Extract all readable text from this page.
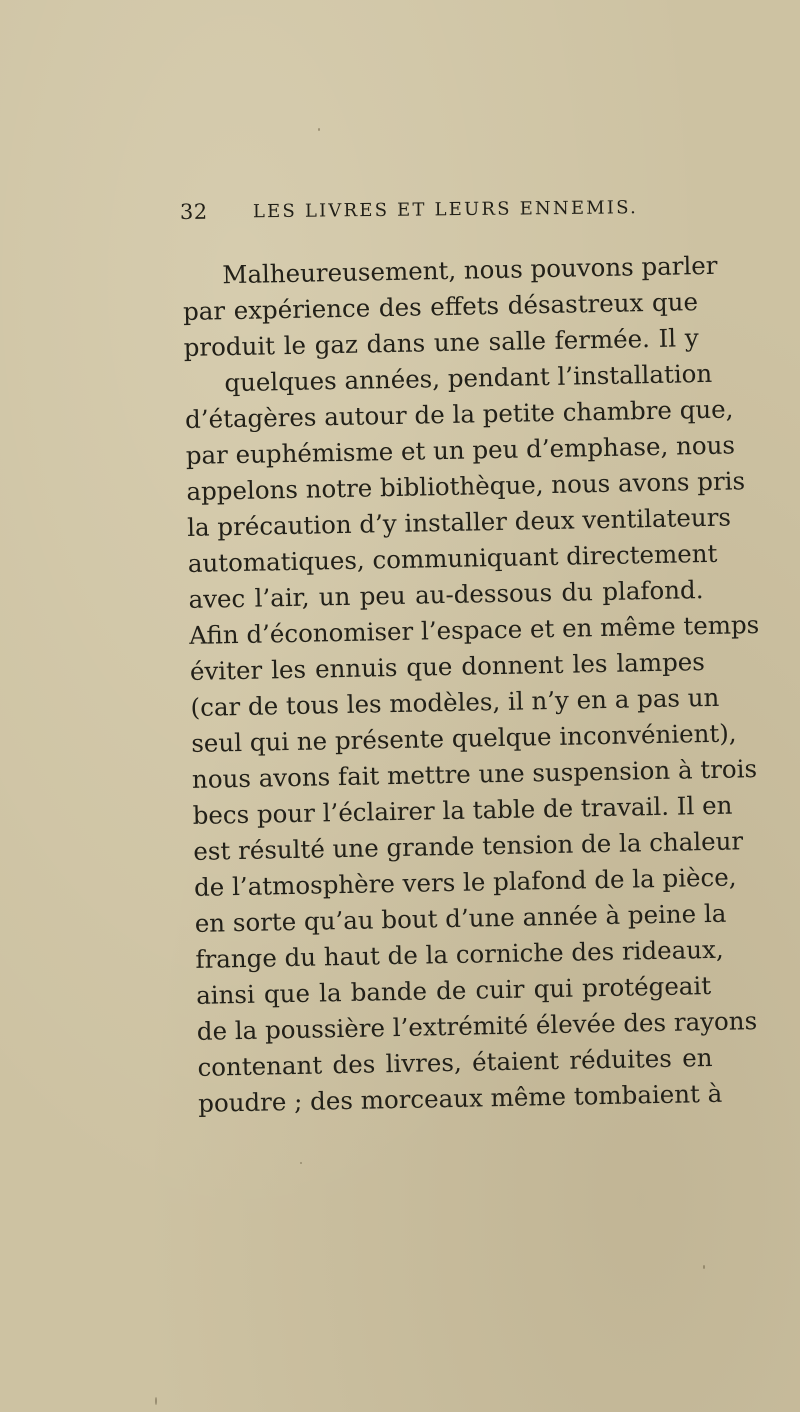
32	LES LIVRES ET LEURS ENNEMIS.
Malheureusement, nous pouvons parler
par expérience des effets désastreux que
produit le gaz dans une salle fermée. Il y
quelques années, pendant l’installation
d’étagères autour de la petite chambre que,
par euphémisme et un peu d’emphase, nous
appelons notre bibliothèque, nous avons pris
la précaution d’y installer deux ventilateurs
automatiques, communiquant directement
avec l’air, un peu au-dessous du plafond.
Afin d’économiser l’espace et en même temps
éviter les ennuis que donnent les lampes
(car de tous les modèles, il n’y en a pas un
seul qui ne présente quelque inconvénient),
nous avons fait mettre une suspension à trois
becs pour l’éclairer la table de travail. Il en
est résulté une grande tension de la chaleur
de l’atmosphère vers le plafond de la pièce,
en sorte qu’au bout d’une année à peine la
frange du haut de la corniche des rideaux,
ainsi que la bande de cuir qui protégeait
de la poussière l’extrémité élevée des rayons
contenant des livres, étaient réduites en
poudre ; des morceaux même tombaient à
